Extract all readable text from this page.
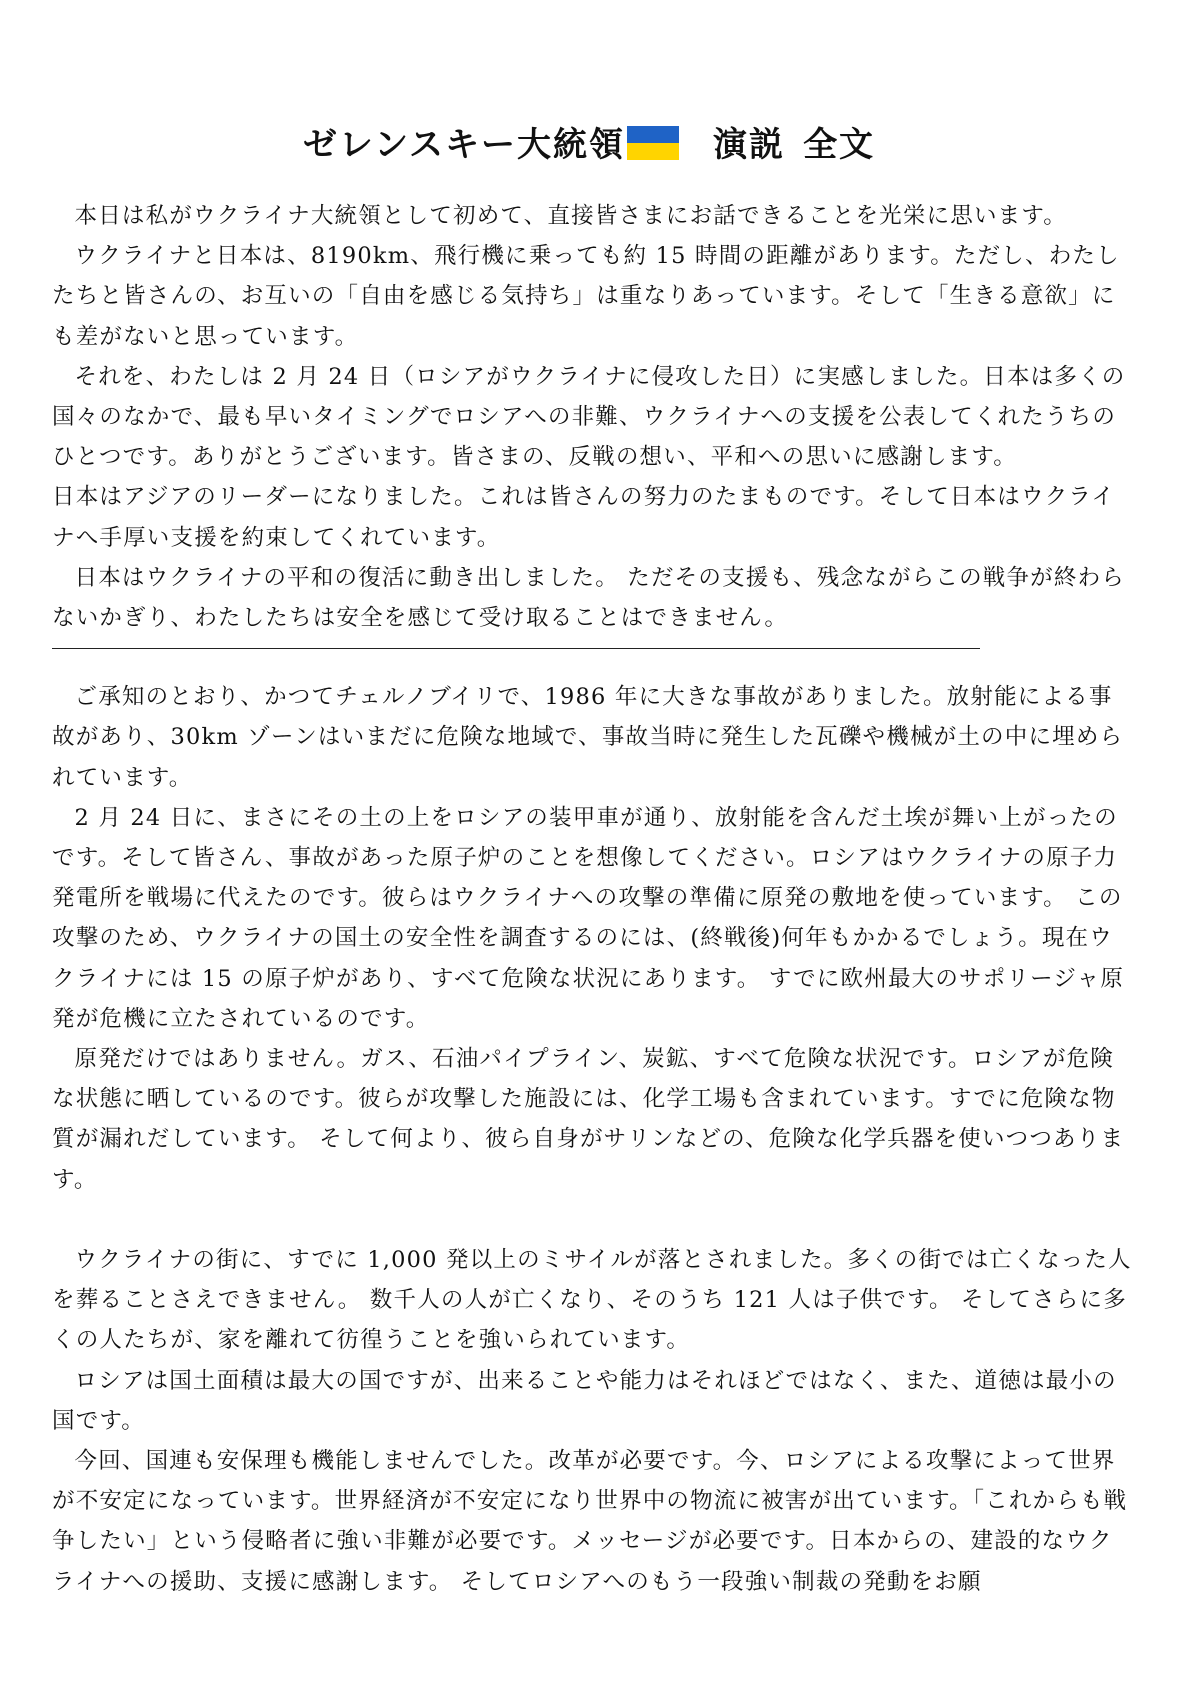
ゼレンスキー大統領	演説 全文

本日は私がウクライナ大統領として初めて、直接皆さまにお話できることを光栄に思います。

ウクライナと日本は、8190km、飛行機に乗っても約 15 時間の距離があります。ただし、わたしたちと皆さんの、お互いの「自由を感じる気持ち」は重なりあっています。そして「生きる意欲」にも差がないと思っています。

それを、わたしは 2 月 24 日（ロシアがウクライナに侵攻した日）に実感しました。日本は多くの国々のなかで、最も早いタイミングでロシアへの非難、ウクライナへの支援を公表してくれたうちのひとつです。ありがとうございます。皆さまの、反戦の想い、平和への思いに感謝します。

日本はアジアのリーダーになりました。これは皆さんの努力のたまものです。そして日本はウクライナへ手厚い支援を約束してくれています。

日本はウクライナの平和の復活に動き出しました。 ただその支援も、残念ながらこの戦争が終わらないかぎり、わたしたちは安全を感じて受け取ることはできません。

ご承知のとおり、かつてチェルノブイリで、1986 年に大きな事故がありました。放射能による事故があり、30km ゾーンはいまだに危険な地域で、事故当時に発生した瓦礫や機械が土の中に埋められています。

2 月 24 日に、まさにその土の上をロシアの装甲車が通り、放射能を含んだ土埃が舞い上がったのです。そして皆さん、事故があった原子炉のことを想像してください。ロシアはウクライナの原子力発電所を戦場に代えたのです。彼らはウクライナへの攻撃の準備に原発の敷地を使っています。 この攻撃のため、ウクライナの国土の安全性を調査するのには、(終戦後)何年もかかるでしょう。現在ウクライナには 15 の原子炉があり、すべて危険な状況にあります。 すでに欧州最大のサポリージャ原発が危機に立たされているのです。

原発だけではありません。ガス、石油パイプライン、炭鉱、すべて危険な状況です。ロシアが危険な状態に晒しているのです。彼らが攻撃した施設には、化学工場も含まれています。すでに危険な物質が漏れだしています。 そして何より、彼ら自身がサリンなどの、危険な化学兵器を使いつつあります。

ウクライナの街に、すでに 1,000 発以上のミサイルが落とされました。多くの街では亡くなった人を葬ることさえできません。 数千人の人が亡くなり、そのうち 121 人は子供です。 そしてさらに多くの人たちが、家を離れて彷徨うことを強いられています。

ロシアは国土面積は最大の国ですが、出来ることや能力はそれほどではなく、また、道徳は最小の国です。

今回、国連も安保理も機能しませんでした。改革が必要です。今、ロシアによる攻撃によって世界が不安定になっています。世界経済が不安定になり世界中の物流に被害が出ています。「これからも戦争したい」という侵略者に強い非難が必要です。メッセージが必要です。日本からの、建設的なウクライナへの援助、支援に感謝します。 そしてロシアへのもう一段強い制裁の発動をお願
